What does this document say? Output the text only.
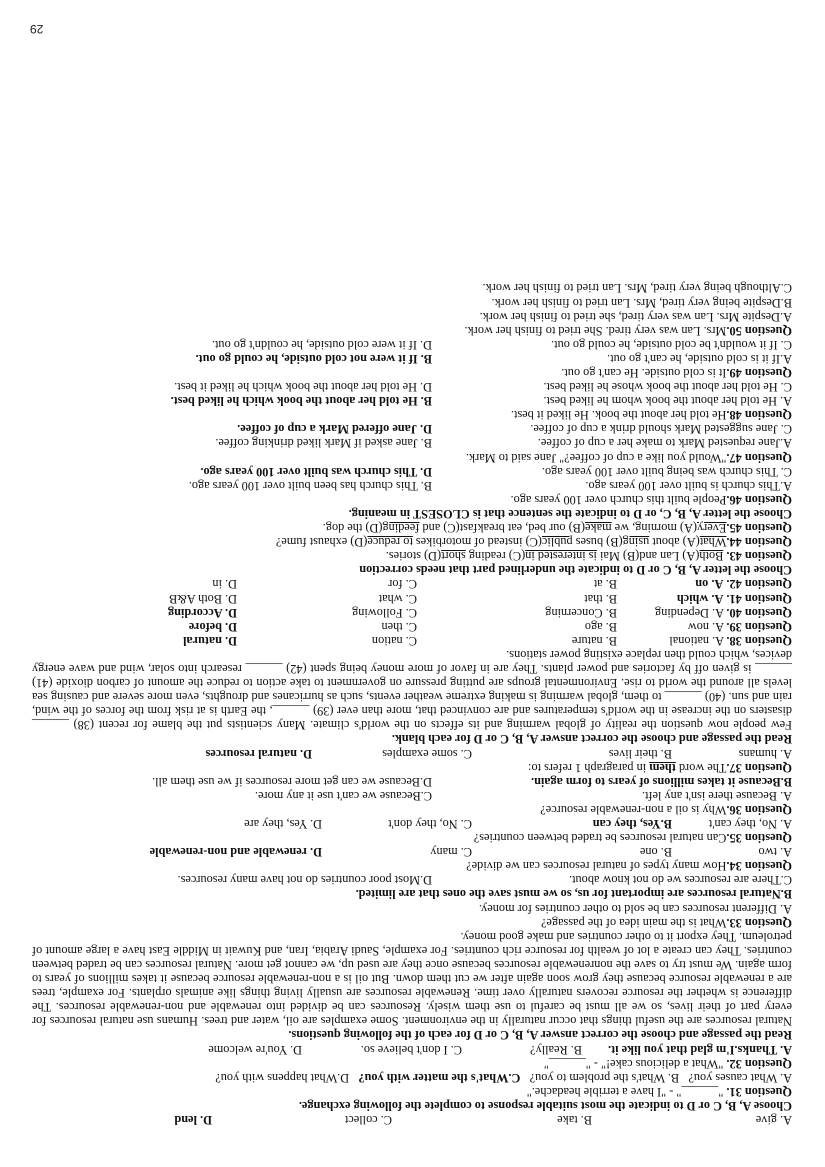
A. give
B. take
C. collect
D. lend
Choose A, B, C or D to indicate the most suitable response to complete the following exchange.
Question 31. "______" - "I have a terrible headache."
A. What causes you?   B. What's the problem to you?   C.What's the matter with you?   D.What happens with you?
Question 32. "What a delicious cake!" - "______"
A. Thanks.I'm glad that you like it.
B. Really?
C. I don't believe so.
D. You're welcome
Read the passage and choose the correct answer A, B, C or D for each of the following questions.
Natural resources are the useful things that occur naturally in the environment. Some examples are oil, water and trees. Humans use natural resources for every part of their lives, so we all must be careful to use them wisely. Resources can be divided into renewable and non-renewable resources. The difference is whether the resource recovers naturally over time. Renewable resources are usually living things like animals orplants. For example, trees are a renewable resource because they grow soon again after we cut them down. But oil is a non-renewable resource because it takes millions of years to form again. We must try to save the nonrenewable resources because once they are used up, we cannot get more. Natural resources can be traded between countries. They can create a lot of wealth for resource rich countries. For example, Saudi Arabia, Iran, and Kuwait in Middle East have a large amount of petroleum. They export it to other countries and make good money.
Question 33.What is the main idea of the passage?
A. Different resources can be sold to other countries for money.
B.Natural resources are important for us, so we must save the ones that are limited.
C.There are resources we do not know about.D.Most poor countries do not have many resources.
Question 34.How many types of natural resources can we divide?
A. two
B. one
C. many
D. renewable and non-renewable
Question 35.Can natural resources be traded between countries?
A. No, they can't
B.Yes, they can
C. No, they don't
D. Yes, they are
Question 36.Why is oil a non-renewable resource?
A. Because there isn't any left.C.Because we can't use it any more.
B.Because it takes millions of years to form again.D.Because we can get more resources if we use them all.
Question 37.The word them in paragraph 1 refers to:
A. humans
B. their lives
C. some examples
D. natural resources
Read the passage and choose the correct answer A, B, C or D for each blank.
Few people now question the reality of global warming and its effects on the world's climate. Many scientists put the blame for recent (38) ______ disasters on the increase in the world's temperatures and are convinced that, more than ever (39) ______, the Earth is at risk from the forces of the wind, rain and sun. (40) ______ to them, global warming is making extreme weather events, such as hurricanes and droughts, even more severe and causing sea levels all around the world to rise. Environmental groups are putting pressure on government to take action to reduce the amount of carbon dioxide (41) ______ is given off by factories and power plants. They are in favor of more money being spent (42) ______ research into solar, wind and wave energy devices, which could then replace existing power stations.
Question 38. A. national
B. nature
C. nation
D. natural
Question 39. A. now
B. ago
C. then
D. before
Question 40. A. Depending
B. Concerning
C. Following
D. According
Question 41. A. which
B. that
C. what
D. Both A&B
Question 42. A. on
B. at
C. for
D. in
Choose the letter A, B, C or D to indicate the underlined part that needs correction
Question 43. Both(A) Lan and(B) Mai is interested in(C) reading short(D) stories.
Question 44.What(A) about using(B) buses public(C) instead of motorbikes to reduce(D) exhaust fume?
Question 45.Every(A) morning, we make(B) our bed, eat breakfast(C) and feeding(D) the dog.
Choose the letter A, B, C, or D to indicate the sentence that is CLOSEST in meaning.
Question 46.People built this church over 100 years ago.
A.This church is built over 100 years ago.B. This church has been built over 100 years ago.
C. This church was being built over 100 years ago.D. This church was built over 100 years ago.
Question 47."Would you like a cup of coffee?" Jane said to Mark.
A.Jane requested Mark to make her a cup of coffee.B. Jane asked if Mark liked drinking coffee.
C. Jane suggested Mark should drink a cup of coffee.D. Jane offered Mark a cup of coffee.
Question 48.He told her about the book. He liked it best.
A. He told her about the book whom he liked best.B. He told her about the book which he liked best.
C. He told her about the book whose he liked best.D. He told her about the book which he liked it best.
Question 49.It is cold outside. He can't go out.
A.If it is cold outside, he can't go out.B. If it were not cold outside, he could go out.
C. If it wouldn't be cold outside, he could go out.D. If it were cold outside, he couldn't go out.
Question 50.Mrs. Lan was very tired. She tried to finish her work.
A.Despite Mrs. Lan was very tired, she tried to finish her work.
B.Despite being very tired, Mrs. Lan tried to finish her work.
C.Although being very tired, Mrs. Lan tried to finish her work.
29
